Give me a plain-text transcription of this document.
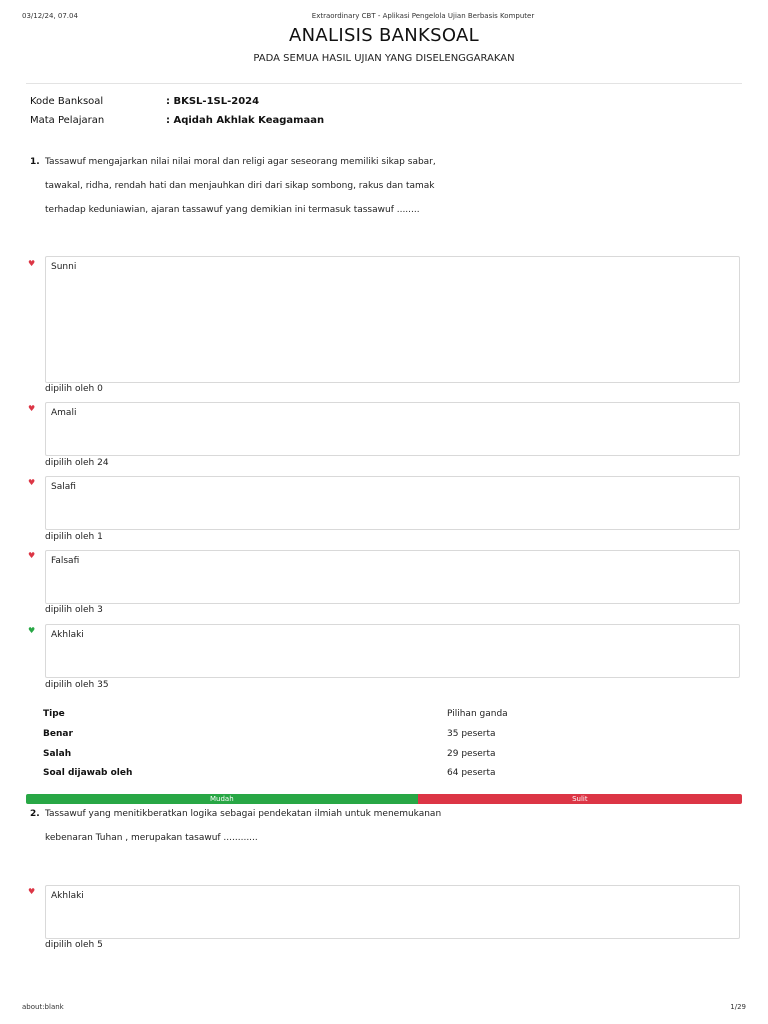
03/12/24, 07.04	Extraordinary CBT - Aplikasi Pengelola Ujian Berbasis Komputer
ANALISIS BANKSOAL
PADA SEMUA HASIL UJIAN YANG DISELENGGARAKAN
Kode Banksoal	: BKSL-1SL-2024
Mata Pelajaran	: Aqidah Akhlak Keagamaan
1. Tassawuf mengajarkan nilai nilai moral dan religi agar seseorang memiliki sikap sabar,
tawakal, ridha, rendah hati dan menjauhkan diri dari sikap sombong, rakus dan tamak
terhadap keduniawian, ajaran tassawuf yang demikian ini termasuk tassawuf ........
♥	Sunni
dipilih oleh 0
♥	Amali
dipilih oleh 24
♥	Salafi
dipilih oleh 1
♥
Falsafi
dipilih oleh 3
♥	Akhlaki
dipilih oleh 35
Tipe	Pilihan ganda
Benar	35 peserta
Salah	29 peserta
Soal dijawab oleh	64 peserta
Mudah	Sulit
2. Tassawuf yang menitikberatkan logika sebagai pendekatan ilmiah untuk menemukanan
kebenaran Tuhan , merupakan tasawuf ............
♥	Akhlaki
dipilih oleh 5
about:blank	1/29
